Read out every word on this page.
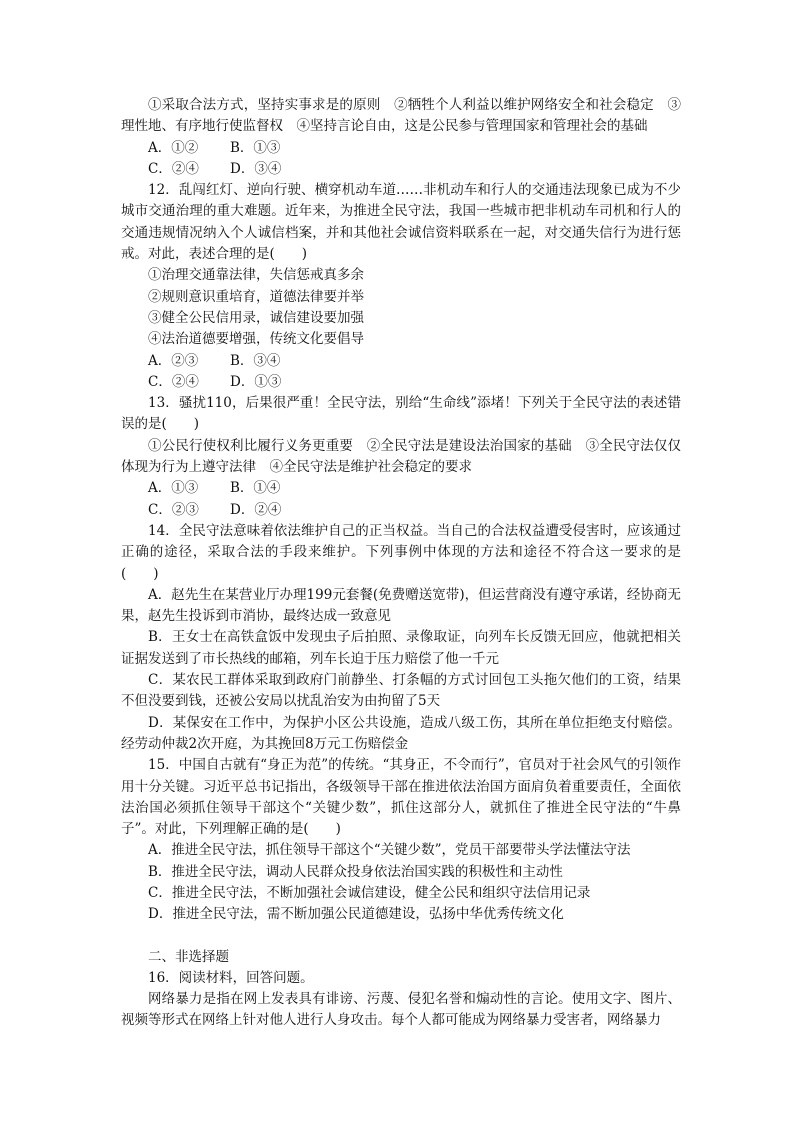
①采取合法方式，坚持实事求是的原则　②牺牲个人利益以维护网络安全和社会稳定　③理性地、有序地行使监督权　④坚持言论自由，这是公民参与管理国家和管理社会的基础

A．①② B．①③

C．②④ D．③④

12．乱闯红灯、逆向行驶、横穿机动车道……非机动车和行人的交通违法现象已成为不少城市交通治理的重大难题。近年来，为推进全民守法，我国一些城市把非机动车司机和行人的交通违规情况纳入个人诚信档案，并和其他社会诚信资料联系在一起，对交通失信行为进行惩戒。对此，表述合理的是(　　)

①治理交通靠法律，失信惩戒真多余

②规则意识重培育，道德法律要并举

③健全公民信用录，诚信建设要加强

④法治道德要增强，传统文化要倡导

A．②③ B．③④

C．②④ D．①③

13．骚扰110，后果很严重！全民守法，别给“生命线”添堵！下列关于全民守法的表述错误的是(　　)

①公民行使权利比履行义务更重要　②全民守法是建设法治国家的基础　③全民守法仅仅体现为行为上遵守法律　④全民守法是维护社会稳定的要求

A．①③ B．①④

C．②③ D．②④

14．全民守法意味着依法维护自己的正当权益。当自己的合法权益遭受侵害时，应该通过正确的途径，采取合法的手段来维护。下列事例中体现的方法和途径不符合这一要求的是(　　)

A．赵先生在某营业厅办理199元套餐(免费赠送宽带)，但运营商没有遵守承诺，经协商无果，赵先生投诉到市消协，最终达成一致意见

B．王女士在高铁盒饭中发现虫子后拍照、录像取证，向列车长反馈无回应，他就把相关证据发送到了市长热线的邮箱，列车长迫于压力赔偿了他一千元

C．某农民工群体采取到政府门前静坐、打条幅的方式讨回包工头拖欠他们的工资，结果不但没要到钱，还被公安局以扰乱治安为由拘留了5天

D．某保安在工作中，为保护小区公共设施，造成八级工伤，其所在单位拒绝支付赔偿。经劳动仲裁2次开庭，为其挽回8万元工伤赔偿金

15．中国自古就有“身正为范”的传统。“其身正，不令而行”，官员对于社会风气的引领作用十分关键。习近平总书记指出，各级领导干部在推进依法治国方面肩负着重要责任，全面依法治国必须抓住领导干部这个“关键少数”，抓住这部分人，就抓住了推进全民守法的“牛鼻子”。对此，下列理解正确的是(　　)

A．推进全民守法，抓住领导干部这个“关键少数”，党员干部要带头学法懂法守法

B．推进全民守法，调动人民群众投身依法治国实践的积极性和主动性

C．推进全民守法，不断加强社会诚信建设，健全公民和组织守法信用记录

D．推进全民守法，需不断加强公民道德建设，弘扬中华优秀传统文化

二、非选择题

16．阅读材料，回答问题。

网络暴力是指在网上发表具有诽谤、污蔑、侵犯名誉和煽动性的言论。使用文字、图片、视频等形式在网络上针对他人进行人身攻击。每个人都可能成为网络暴力受害者，网络暴力
